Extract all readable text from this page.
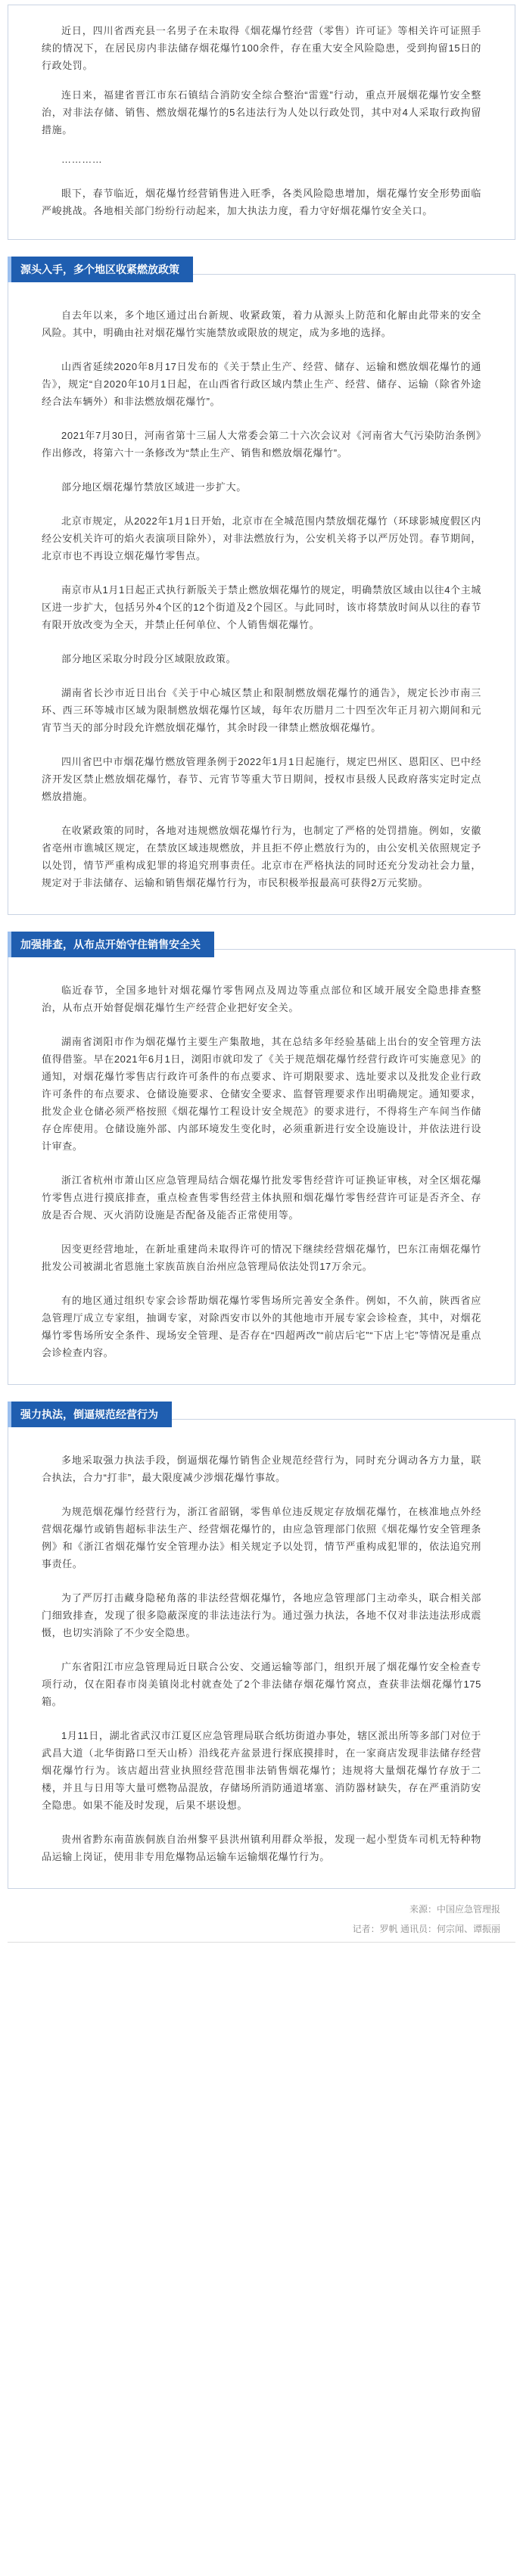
近日，四川省西充县一名男子在未取得《烟花爆竹经营（零售）许可证》等相关许可证照手续的情况下，在居民房内非法储存烟花爆竹100余件，存在重大安全风险隐患，受到拘留15日的行政处罚。

连日来，福建省晋江市东石镇结合消防安全综合整治“雷霆”行动，重点开展烟花爆竹安全整治，对非法存储、销售、燃放烟花爆竹的5名违法行为人处以行政处罚，其中对4人采取行政拘留措施。

…………

眼下，春节临近，烟花爆竹经营销售进入旺季，各类风险隐患增加，烟花爆竹安全形势面临严峻挑战。各地相关部门纷纷行动起来，加大执法力度，看力守好烟花爆竹安全关口。

源头入手，多个地区收紧燃放政策

自去年以来，多个地区通过出台新规、收紧政策，着力从源头上防范和化解由此带来的安全风险。其中，明确由社对烟花爆竹实施禁放或限放的规定，成为多地的选择。

山西省延续2020年8月17日发布的《关于禁止生产、经营、储存、运输和燃放烟花爆竹的通告》，规定“自2020年10月1日起，在山西省行政区域内禁止生产、经营、储存、运输（除省外途经合法车辆外）和非法燃放烟花爆竹”。

2021年7月30日，河南省第十三届人大常委会第二十六次会议对《河南省大气污染防治条例》作出修改，将第六十一条修改为“禁止生产、销售和燃放烟花爆竹”。

部分地区烟花爆竹禁放区域进一步扩大。

北京市规定，从2022年1月1日开始，北京市在全城范围内禁放烟花爆竹（环球影城度假区内经公安机关许可的焰火表演项目除外），对非法燃放行为，公安机关将予以严厉处罚。春节期间，北京市也不再设立烟花爆竹零售点。

南京市从1月1日起正式执行新版关于禁止燃放烟花爆竹的规定，明确禁放区域由以往4个主城区进一步扩大，包括另外4个区的12个街道及2个园区。与此同时，该市将禁放时间从以往的春节有限开放改变为全天，并禁止任何单位、个人销售烟花爆竹。

部分地区采取分时段分区域限放政策。

湖南省长沙市近日出台《关于中心城区禁止和限制燃放烟花爆竹的通告》，规定长沙市南三环、西三环等城市区域为限制燃放烟花爆竹区域，每年农历腊月二十四至次年正月初六期间和元宵节当天的部分时段允许燃放烟花爆竹，其余时段一律禁止燃放烟花爆竹。

四川省巴中市烟花爆竹燃放管理条例于2022年1月1日起施行，规定巴州区、恩阳区、巴中经济开发区禁止燃放烟花爆竹，春节、元宵节等重大节日期间，授权市县级人民政府落实定时定点燃放措施。

在收紧政策的同时，各地对违规燃放烟花爆竹行为，也制定了严格的处罚措施。例如，安徽省亳州市谯城区规定，在禁放区域违规燃放，并且拒不停止燃放行为的，由公安机关依照规定予以处罚，情节严重构成犯罪的将追究刑事责任。北京市在严格执法的同时还充分发动社会力量，规定对于非法储存、运输和销售烟花爆竹行为，市民积极举报最高可获得2万元奖励。

加强排查，从布点开始守住销售安全关

临近春节，全国多地针对烟花爆竹零售网点及周边等重点部位和区域开展安全隐患排查整治，从布点开始督促烟花爆竹生产经营企业把好安全关。

湖南省浏阳市作为烟花爆竹主要生产集散地，其在总结多年经验基础上出台的安全管理方法值得借鉴。早在2021年6月1日，浏阳市就印发了《关于规范烟花爆竹经营行政许可实施意见》的通知，对烟花爆竹零售店行政许可条件的布点要求、许可期限要求、选址要求以及批发企业行政许可条件的布点要求、仓储设施要求、仓储安全要求、监督管理要求作出明确规定。通知要求，批发企业仓储必须严格按照《烟花爆竹工程设计安全规范》的要求进行，不得将生产车间当作储存仓库使用。仓储设施外部、内部环境发生变化时，必须重新进行安全设施设计，并依法进行设计审查。

浙江省杭州市萧山区应急管理局结合烟花爆竹批发零售经营许可证换证审核，对全区烟花爆竹零售点进行摸底排查，重点检查售零售经营主体执照和烟花爆竹零售经营许可证是否齐全、存放是否合规、灭火消防设施是否配备及能否正常使用等。

因变更经营地址，在新址重建尚未取得许可的情况下继续经营烟花爆竹，巴东江南烟花爆竹批发公司被湖北省恩施土家族苗族自治州应急管理局依法处罚17万余元。

有的地区通过组织专家会诊帮助烟花爆竹零售场所完善安全条件。例如，不久前，陕西省应急管理厅成立专家组，抽调专家，对除西安市以外的其他地市开展专家会诊检查，其中，对烟花爆竹零售场所安全条件、现场安全管理、是否存在“四超两改”“前店后宅”“下店上宅”等情况是重点会诊检查内容。

强力执法，倒逼规范经营行为

多地采取强力执法手段，倒逼烟花爆竹销售企业规范经营行为，同时充分调动各方力量，联合执法，合力“打非”，最大限度减少涉烟花爆竹事故。

为规范烟花爆竹经营行为，浙江省韶钢，零售单位违反规定存放烟花爆竹，在核准地点外经营烟花爆竹或销售超标非法生产、经营烟花爆竹的，由应急管理部门依照《烟花爆竹安全管理条例》和《浙江省烟花爆竹安全管理办法》相关规定予以处罚，情节严重构成犯罪的，依法追究刑事责任。

为了严厉打击藏身隐秘角落的非法经营烟花爆竹，各地应急管理部门主动牵头，联合相关部门细致排查，发现了很多隐蔽深度的非法违法行为。通过强力执法，各地不仅对非法违法形成震慑，也切实消除了不少安全隐患。

广东省阳江市应急管理局近日联合公安、交通运输等部门，组织开展了烟花爆竹安全检查专项行动，仅在阳春市岗美镇岗北村就查处了2个非法储存烟花爆竹窝点，查获非法烟花爆竹175箱。

1月11日，湖北省武汉市江夏区应急管理局联合纸坊街道办事处，辖区派出所等多部门对位于武昌大道（北华街路口至天山桥）沿线花卉盆景进行探底摸排时，在一家商店发现非法储存经营烟花爆竹行为。该店超出营业执照经营范围非法销售烟花爆竹；违规将大量烟花爆竹存放于二楼，并且与日用等大量可燃物品混放，存储场所消防通道堵塞、消防器材缺失，存在严重消防安全隐患。如果不能及时发现，后果不堪设想。

贵州省黔东南苗族侗族自治州黎平县洪州镇利用群众举报，发现一起小型货车司机无特种物品运输上岗证，使用非专用危爆物品运输车运输烟花爆竹行为。

来源：中国应急管理报
记者：罗帆 通讯员：何宗闻、谭振丽
